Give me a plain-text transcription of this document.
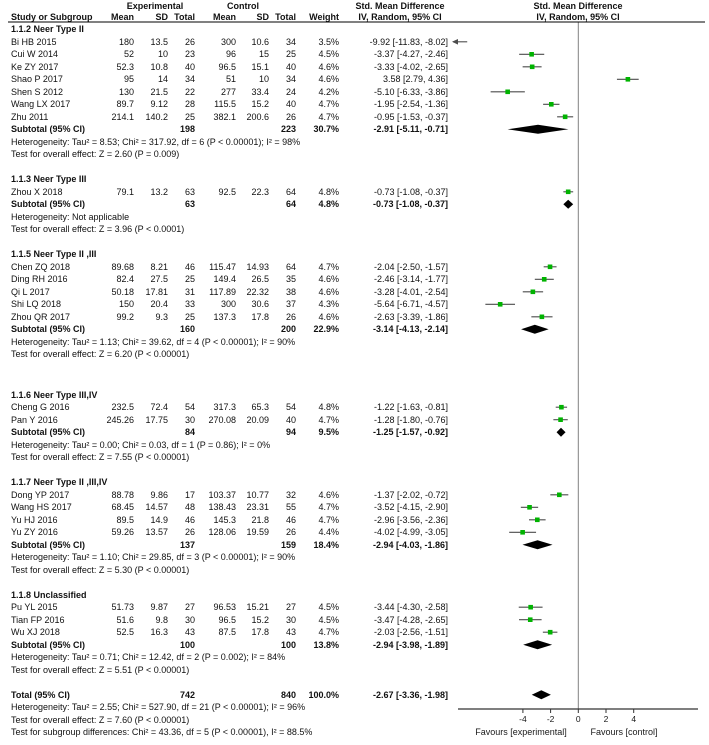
Experimental	Control	Std. Mean Difference	Std. Mean Difference
Study or Subgroup Mean SD Total Mean SD Total Weight	IV, Random, 95% CI	IV, Random, 95% CI
1.1.2 Neer Type II
Bi HB 2015	180 13.5 26	300 10.6 34 3.5%	-9.92 [-11.83, -8.02]
Cui W 2014	52	10 23	96	15 25 4.5%	-3.37 [-4.27, -2.46]
Ke ZY 2017	52.3 10.8 40	96.5 15.1 40 4.6%	-3.33 [-4.02, -2.65]
Shao P 2017	95	14 34	51	10 34 4.6%	3.58 [2.79, 4.36]
Shen S 2012	130 21.5 22	277 33.4 24 4.2%	-5.10 [-6.33, -3.86]
Wang LX 2017	89.7 9.12 28 115.5 15.2 40 4.7%	-1.95 [-2.54, -1.36]
Zhu 2011	214.1 140.2 25 382.1 200.6 26 4.7%	-0.95 [-1.53, -0.37]
Subtotal (95% CI)	198	223 30.7%	-2.91 [-5.11, -0.71]
Heterogeneity: Tau² = 8.53; Chi² = 317.92, df = 6 (P < 0.00001); I² = 98%
Test for overall effect: Z = 2.60 (P = 0.009)
1.1.3 Neer Type III
Zhou X 2018	79.1 13.2 63	92.5 22.3 64 4.8%	-0.73 [-1.08, -0.37]
Subtotal (95% CI)	63	64 4.8%	-0.73 [-1.08, -0.37]
Heterogeneity: Not applicable
Test for overall effect: Z = 3.96 (P < 0.0001)
1.1.5 Neer Type II ,III
Chen ZQ 2018	89.68 8.21 46 115.47 14.93 64 4.7%	-2.04 [-2.50, -1.57]
Ding RH 2016	82.4 27.5 25 149.4 26.5 35 4.6%	-2.46 [-3.14, -1.77]
Qi L 2017	50.18 17.81 31 117.89 22.32 38 4.6%	-3.28 [-4.01, -2.54]
Shi LQ 2018	150 20.4 33	300 30.6 37 4.3%	-5.64 [-6.71, -4.57]
Zhou QR 2017	99.2 9.3 25 137.3 17.8 26 4.6%	-2.63 [-3.39, -1.86]
Subtotal (95% CI)	160	200 22.9%	-3.14 [-4.13, -2.14]
Heterogeneity: Tau² = 1.13; Chi² = 39.62, df = 4 (P < 0.00001); I² = 90%
Test for overall effect: Z = 6.20 (P < 0.00001)
1.1.6 Neer Type III,IV
Cheng G 2016	232.5 72.4 54 317.3 65.3 54 4.8%	-1.22 [-1.63, -0.81]
Pan Y 2016	245.26 17.75 30 270.08 20.09 40 4.7%	-1.28 [-1.80, -0.76]
Subtotal (95% CI)	84	94 9.5%	-1.25 [-1.57, -0.92]
Heterogeneity: Tau² = 0.00; Chi² = 0.03, df = 1 (P = 0.86); I² = 0%
Test for overall effect: Z = 7.55 (P < 0.00001)
1.1.7 Neer Type II ,III,IV
Dong YP 2017	88.78 9.86 17 103.37 10.77 32 4.6%	-1.37 [-2.02, -0.72]
Wang HS 2017	68.45 14.57 48 138.43 23.31 55 4.7%	-3.52 [-4.15, -2.90]
Yu HJ 2016	89.5 14.9 46 145.3 21.8 46 4.7%	-2.96 [-3.56, -2.36]
Yu ZY 2016	59.26 13.57 26 128.06 19.59 26 4.4%	-4.02 [-4.99, -3.05]
Subtotal (95% CI)	137	159 18.4%	-2.94 [-4.03, -1.86]
Heterogeneity: Tau² = 1.10; Chi² = 29.85, df = 3 (P < 0.00001); I² = 90%
Test for overall effect: Z = 5.30 (P < 0.00001)
1.1.8 Unclassified
Pu YL 2015	51.73 9.87 27 96.53 15.21 27 4.5%	-3.44 [-4.30, -2.58]
Tian FP 2016	51.6 9.8 30	96.5 15.2 30 4.5%	-3.47 [-4.28, -2.65]
Wu XJ 2018	52.5 16.3 43	87.5 17.8 43 4.7%	-2.03 [-2.56, -1.51]
Subtotal (95% CI)	100	100 13.8%	-2.94 [-3.98, -1.89]
Heterogeneity: Tau² = 0.71; Chi² = 12.42, df = 2 (P = 0.002); I² = 84%
Test for overall effect: Z = 5.51 (P < 0.00001)
Total (95% CI)	742	840 100.0%	-2.67 [-3.36, -1.98]
Heterogeneity: Tau² = 2.55; Chi² = 527.90, df = 21 (P < 0.00001); I² = 96%
Test for overall effect: Z = 7.60 (P < 0.00001)
Test for subgroup differences: Chi² = 43.36, df = 5 (P < 0.00001), I² = 88.5%
-4 -2	0	2	4
Favours [experimental]	Favours [control]
